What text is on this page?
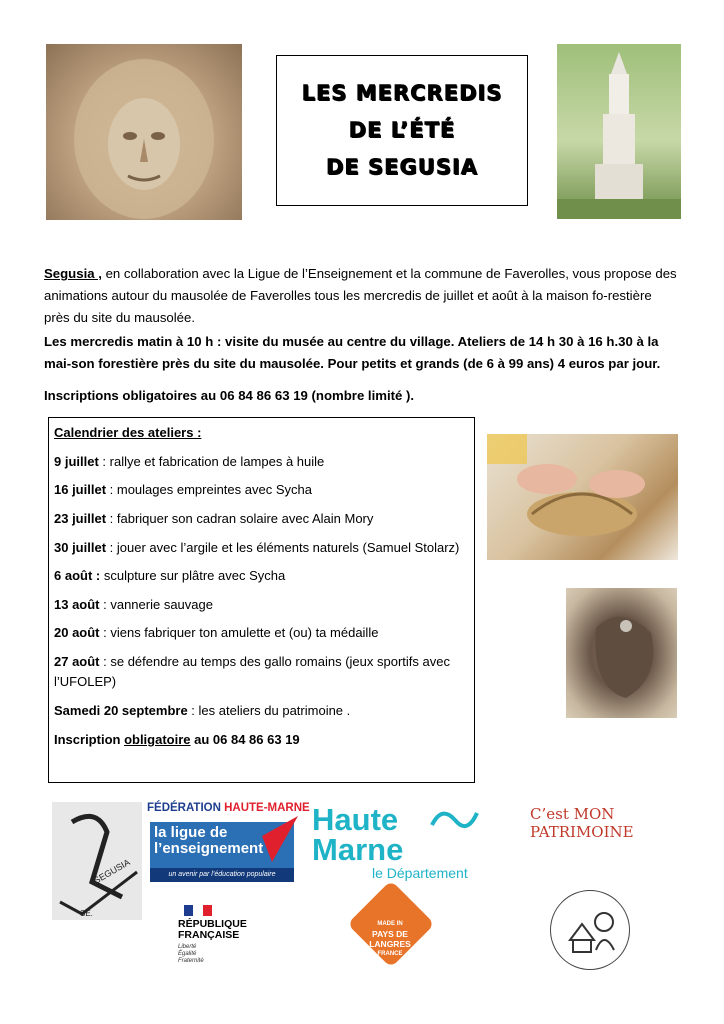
LES MERCREDIS
DE L’ÉTÉ
DE SEGUSIA
Segusia , en collaboration avec la Ligue de l’Enseignement et la commune de Faverolles, vous propose des animations autour du mausolée de Faverolles tous les mercredis de juillet et août à la maison fo-restière près du site du mausolée.
Les mercredis matin à 10 h : visite du musée au centre du village. Ateliers de 14 h 30 à 16 h.30 à la mai-son forestière près du site du mausolée. Pour petits et grands (de 6 à 99 ans) 4 euros par jour.
Inscriptions obligatoires au 06 84 86 63 19 (nombre limité ).
Calendrier des ateliers :
9 juillet : rallye et fabrication de lampes à huile
16 juillet : moulages empreintes avec Sycha
23 juillet : fabriquer son cadran solaire avec Alain Mory
30 juillet : jouer avec l’argile et les éléments naturels (Samuel Stolarz)
6 août : sculpture sur plâtre avec Sycha
13 août : vannerie sauvage
20 août : viens fabriquer ton amulette et (ou) ta médaille
27 août : se défendre au temps des gallo romains (jeux sportifs avec l’UFOLEP)
Samedi 20 septembre : les ateliers du patrimoine .
Inscription obligatoire au 06 84 86 63 19
SEGUSIA
SE.
FÉDÉRATION HAUTE-MARNE
la ligue de
l’enseignement
un avenir par l’éducation populaire
Haute
Marne
le Département
C’est MON
PATRIMOINE
RÉPUBLIQUE
FRANÇAISE
Liberté
Égalité
Fraternité
MADE IN
PAYS DE LANGRES
FRANCE
